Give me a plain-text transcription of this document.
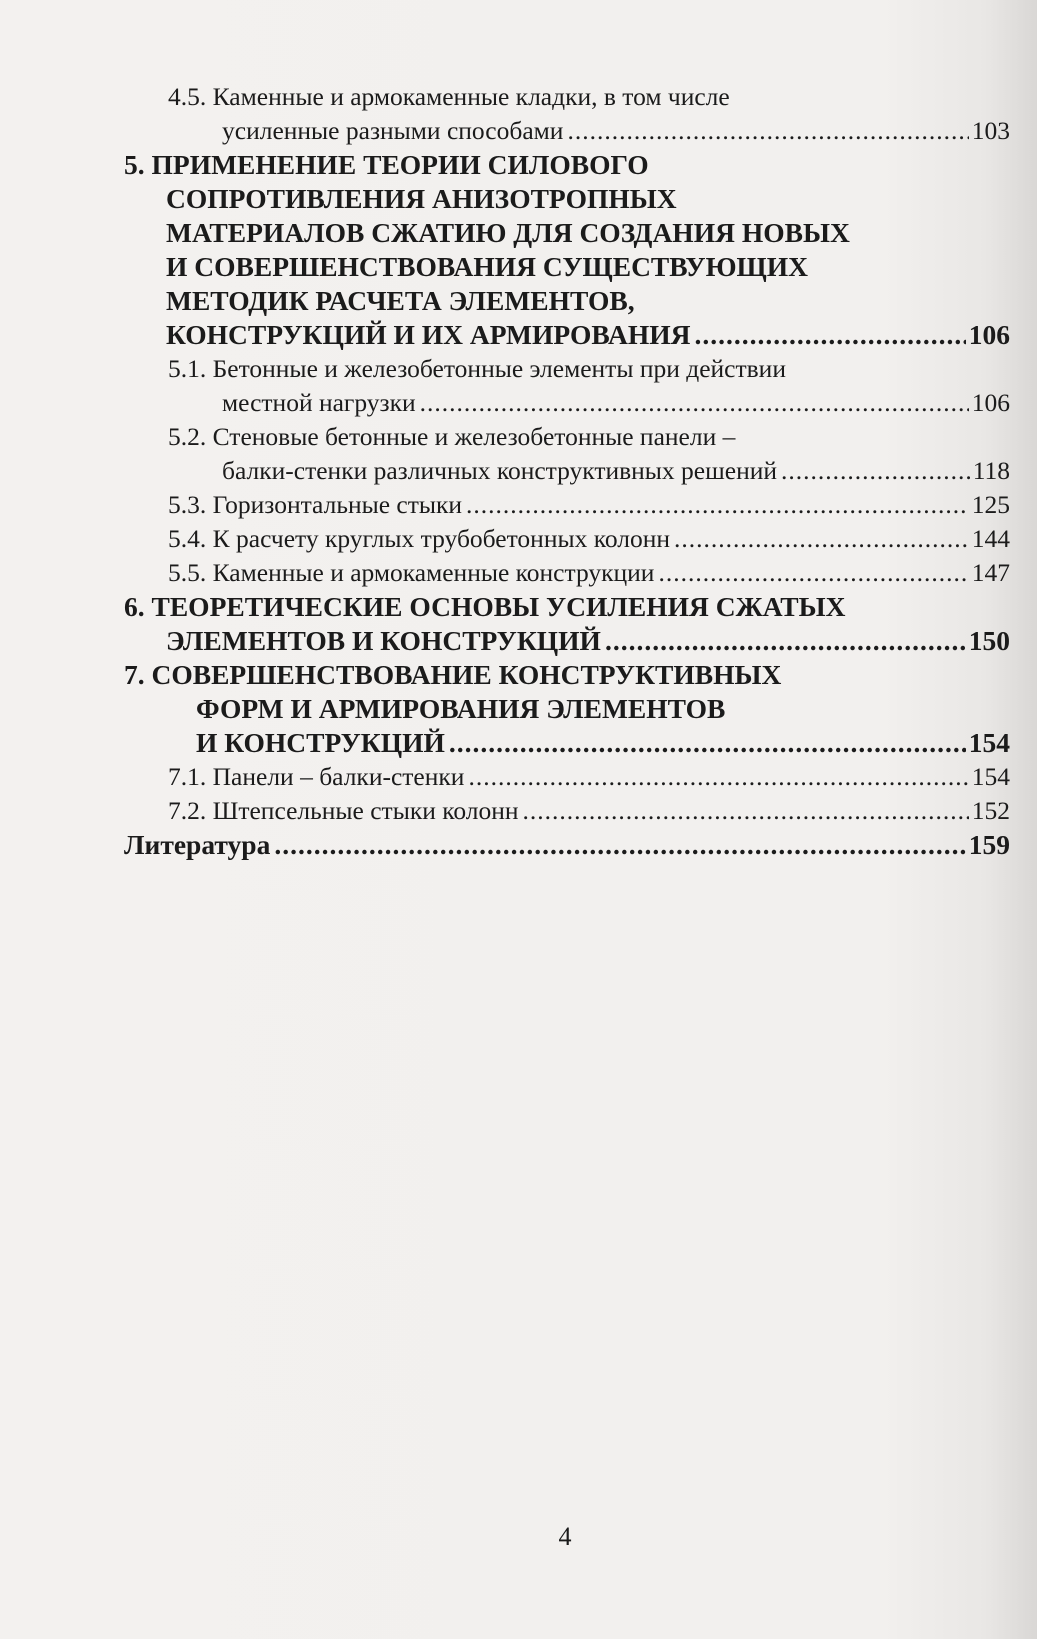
4.5. Каменные и армокаменные кладки, в том числе
усиленные разными способами .....	103
5. ПРИМЕНЕНИЕ ТЕОРИИ СИЛОВОГО
СОПРОТИВЛЕНИЯ АНИЗОТРОПНЫХ
МАТЕРИАЛОВ СЖАТИЮ ДЛЯ СОЗДАНИЯ НОВЫХ
И СОВЕРШЕНСТВОВАНИЯ СУЩЕСТВУЮЩИХ
МЕТОДИК РАСЧЕТА ЭЛЕМЕНТОВ,
КОНСТРУКЦИЙ И ИХ АРМИРОВАНИЯ .....	106
5.1. Бетонные и железобетонные элементы при действии
местной нагрузки .....	106
5.2. Стеновые бетонные и железобетонные панели –
балки-стенки различных конструктивных решений .....	118
5.3. Горизонтальные стыки .....	125
5.4. К расчету круглых трубобетонных колонн .....	144
5.5. Каменные и армокаменные конструкции .....	147
6. ТЕОРЕТИЧЕСКИЕ ОСНОВЫ УСИЛЕНИЯ СЖАТЫХ
ЭЛЕМЕНТОВ И КОНСТРУКЦИЙ .....	150
7. СОВЕРШЕНСТВОВАНИЕ КОНСТРУКТИВНЫХ
ФОРМ И АРМИРОВАНИЯ ЭЛЕМЕНТОВ
И КОНСТРУКЦИЙ .....	154
7.1. Панели – балки-стенки .....	154
7.2. Штепсельные стыки колонн .....	152
Литература .....	159
4
